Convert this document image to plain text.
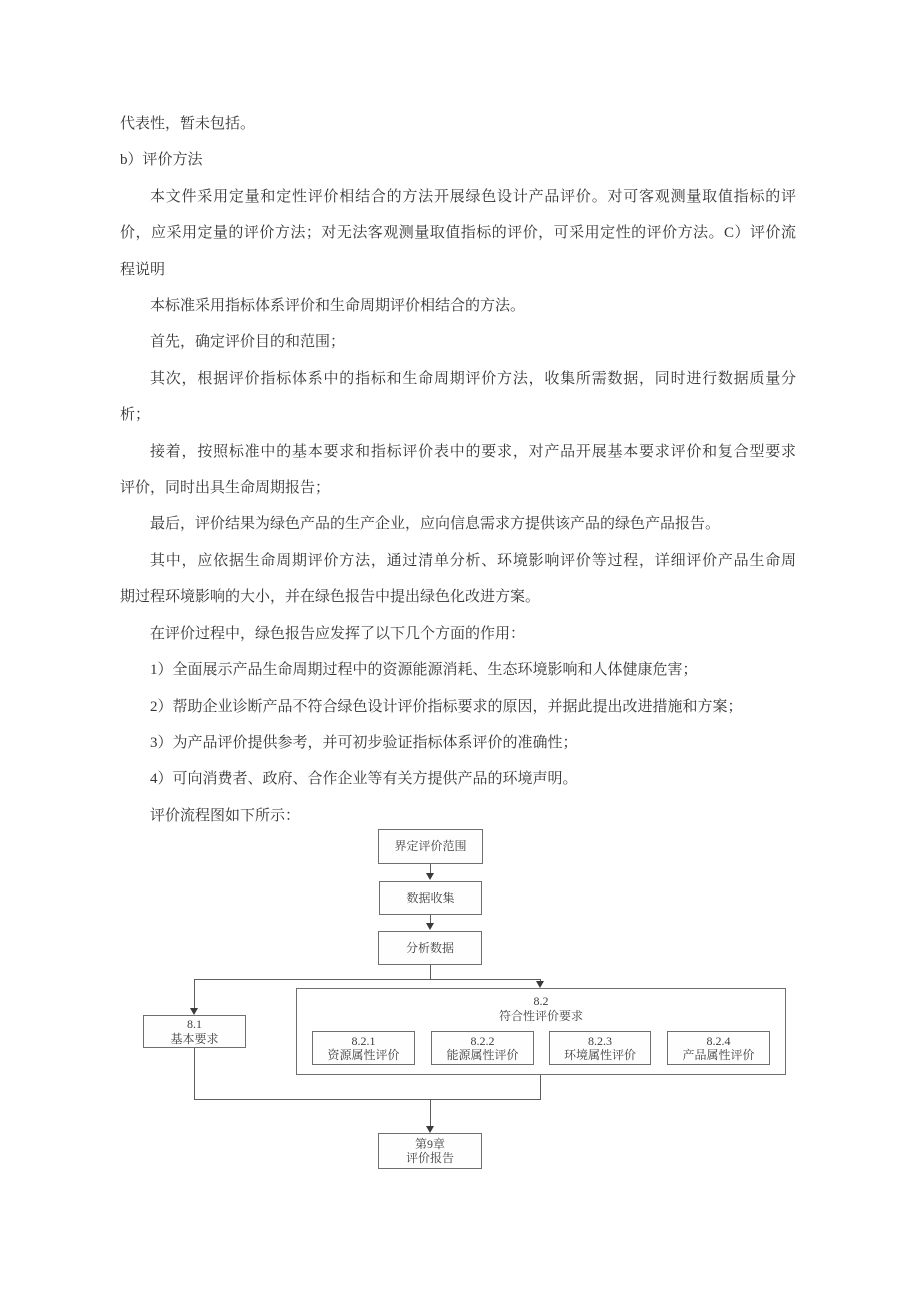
代表性，暂未包括。

b）评价方法

本文件采用定量和定性评价相结合的方法开展绿色设计产品评价。对可客观测量取值指标的评

价，应采用定量的评价方法；对无法客观测量取值指标的评价，可采用定性的评价方法。C）评价流

程说明

本标准采用指标体系评价和生命周期评价相结合的方法。

首先，确定评价目的和范围；

其次，根据评价指标体系中的指标和生命周期评价方法，收集所需数据，同时进行数据质量分

析；

接着，按照标准中的基本要求和指标评价表中的要求，对产品开展基本要求评价和复合型要求

评价，同时出具生命周期报告；

最后，评价结果为绿色产品的生产企业，应向信息需求方提供该产品的绿色产品报告。

其中，应依据生命周期评价方法，通过清单分析、环境影响评价等过程，详细评价产品生命周

期过程环境影响的大小，并在绿色报告中提出绿色化改进方案。

在评价过程中，绿色报告应发挥了以下几个方面的作用：

1）全面展示产品生命周期过程中的资源能源消耗、生态环境影响和人体健康危害；

2）帮助企业诊断产品不符合绿色设计评价指标要求的原因，并据此提出改进措施和方案；

3）为产品评价提供参考，并可初步验证指标体系评价的准确性；

4）可向消费者、政府、合作企业等有关方提供产品的环境声明。

评价流程图如下所示：

界定评价范围
数据收集
分析数据
8.1
基本要求
8.2
符合性评价要求
8.2.1
资源属性评价
8.2.2
能源属性评价
8.2.3
环境属性评价
8.2.4
产品属性评价
第9章
评价报告
